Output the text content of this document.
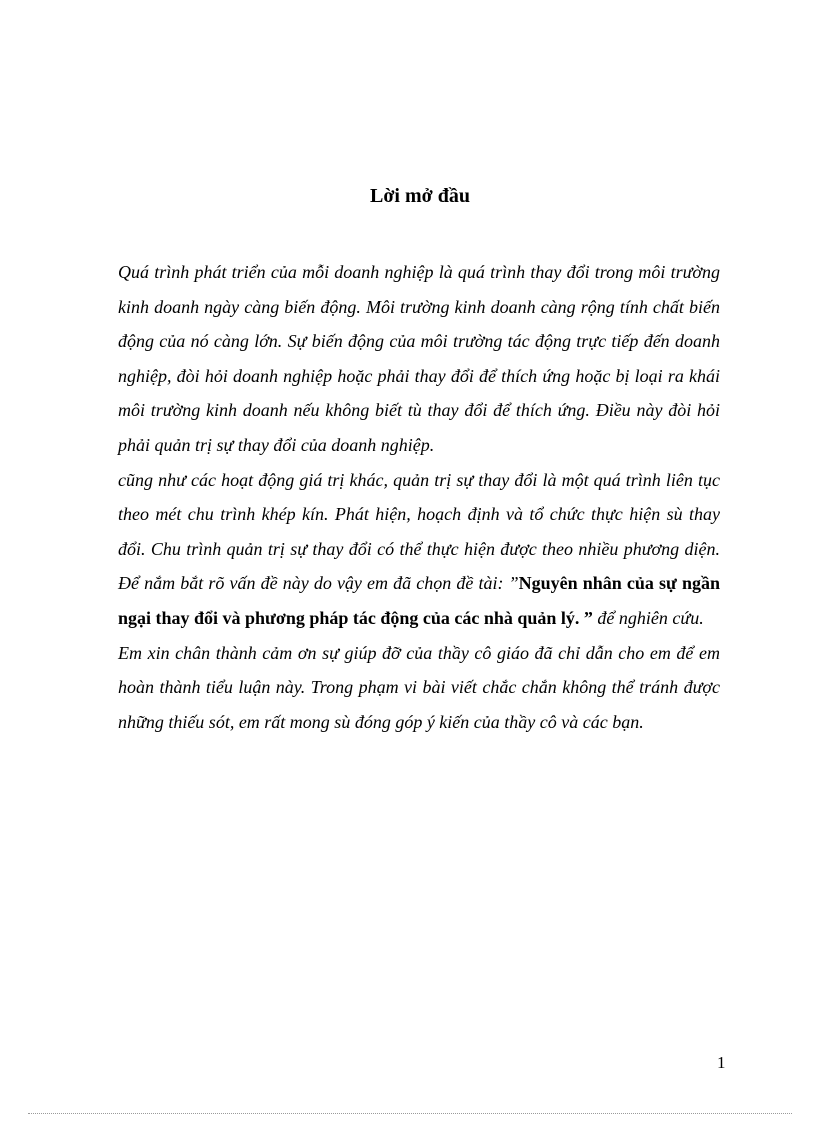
Lời mở đầu

Quá trình phát triển của mỗi doanh nghiệp là quá trình thay đổi trong môi trường kinh doanh ngày càng biến động. Môi trường kinh doanh càng rộng tính chất biến động của nó càng lớn. Sự biến động của môi trường tác động trực tiếp đến doanh nghiệp, đòi hỏi doanh nghiệp hoặc phải thay đổi để thích ứng hoặc bị loại ra khái môi trường kinh doanh nếu không biết tù thay đổi để thích ứng. Điều này đòi hỏi phải quản trị sự thay đổi của doanh nghiệp.

cũng như các hoạt động giá trị khác, quản trị sự thay đổi là một quá trình liên tục theo mét chu trình khép kín. Phát hiện, hoạch định và tổ chức thực hiện sù thay đổi. Chu trình quản trị sự thay đổi có thể thực hiện được theo nhiều phương diện. Để nắm bắt rõ vấn đề này do vậy em đã chọn đề tài: ”Nguyên nhân của sự ngần ngại thay đổi và phương pháp tác động của các nhà quản lý. ” để nghiên cứu.

Em xin chân thành cảm ơn sự giúp đỡ của thầy cô giáo đã chỉ dẫn cho em để em hoàn thành tiểu luận này. Trong phạm vi bài viết chắc chắn không thể tránh được những thiếu sót, em rất mong sù đóng góp ý kiến của thầy cô và các bạn.

1
